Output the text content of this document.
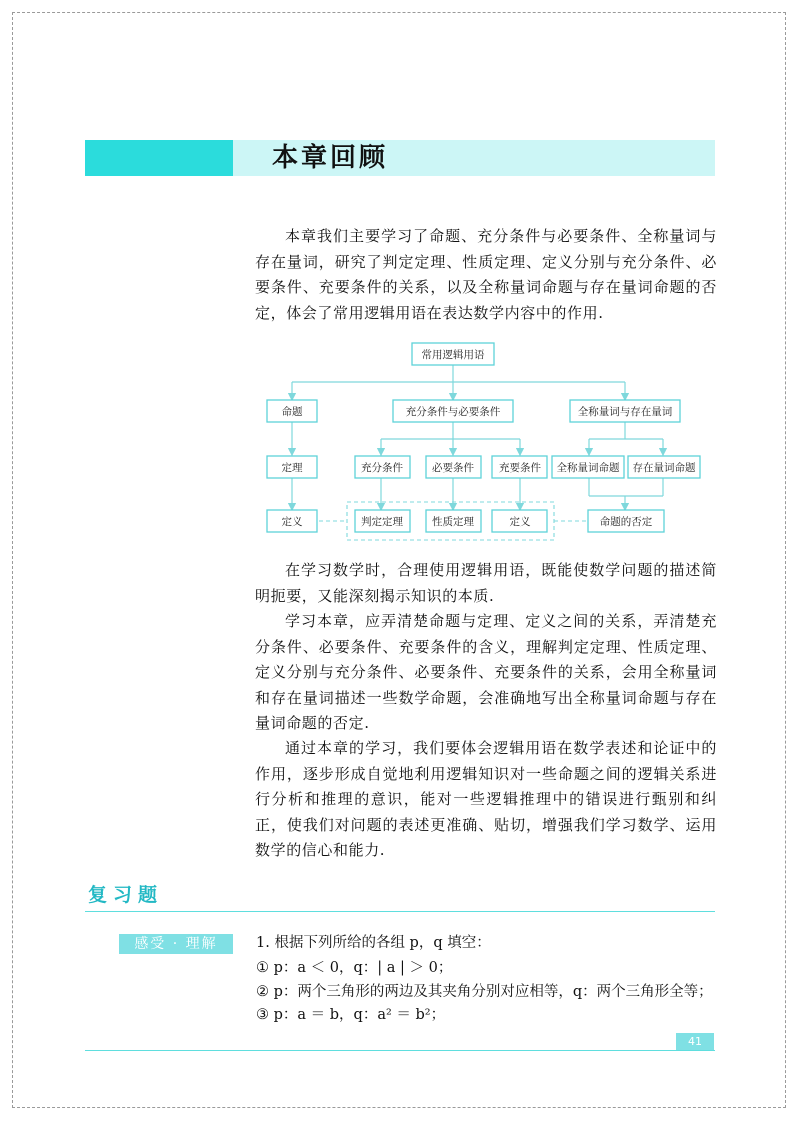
本章回顾

本章我们主要学习了命题、充分条件与必要条件、全称量词与存在量词，研究了判定定理、性质定理、定义分别与充分条件、必要条件、充要条件的关系，以及全称量词命题与存在量词命题的否定，体会了常用逻辑用语在表达数学内容中的作用.

常用逻辑用语
命题	充分条件与必要条件	全称量词与存在量词
定理	充分条件	必要条件 充要条件 全称量词命题 存在量词命题
定义	判定定理	性质定理	定义	命题的否定

在学习数学时，合理使用逻辑用语，既能使数学问题的描述简明扼要，又能深刻揭示知识的本质.

学习本章，应弄清楚命题与定理、定义之间的关系，弄清楚充分条件、必要条件、充要条件的含义，理解判定定理、性质定理、定义分别与充分条件、必要条件、充要条件的关系，会用全称量词和存在量词描述一些数学命题，会准确地写出全称量词命题与存在量词命题的否定.

通过本章的学习，我们要体会逻辑用语在数学表述和论证中的作用，逐步形成自觉地利用逻辑知识对一些命题之间的逻辑关系进行分析和推理的意识，能对一些逻辑推理中的错误进行甄别和纠正，使我们对问题的表述更准确、贴切，增强我们学习数学、运用数学的信心和能力.

复习题
感受 · 理解	1. 根据下列所给的各组 p，q 填空：
① p：a ＜ 0，q：| a | ＞ 0；
② p：两个三角形的两边及其夹角分别对应相等，q：两个三角形全等；
③ p：a ＝ b，q：a² ＝ b²；
41
